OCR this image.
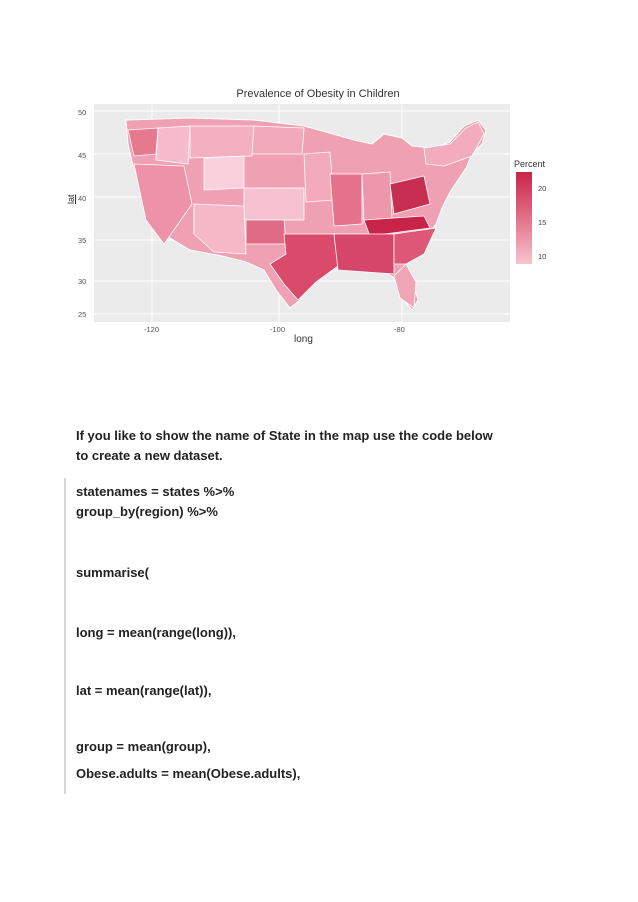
Prevalence of Obesity in Children
lat
50
45
40
35
30
25
-120	-100	-80
long
Percent
20
15
10
If you like to show the name of State in the map use the code below
to create a new dataset.
statenames = states %>%
group_by(region) %>%
summarise(
long = mean(range(long)),
lat = mean(range(lat)),
group = mean(group),
Obese.adults = mean(Obese.adults),
